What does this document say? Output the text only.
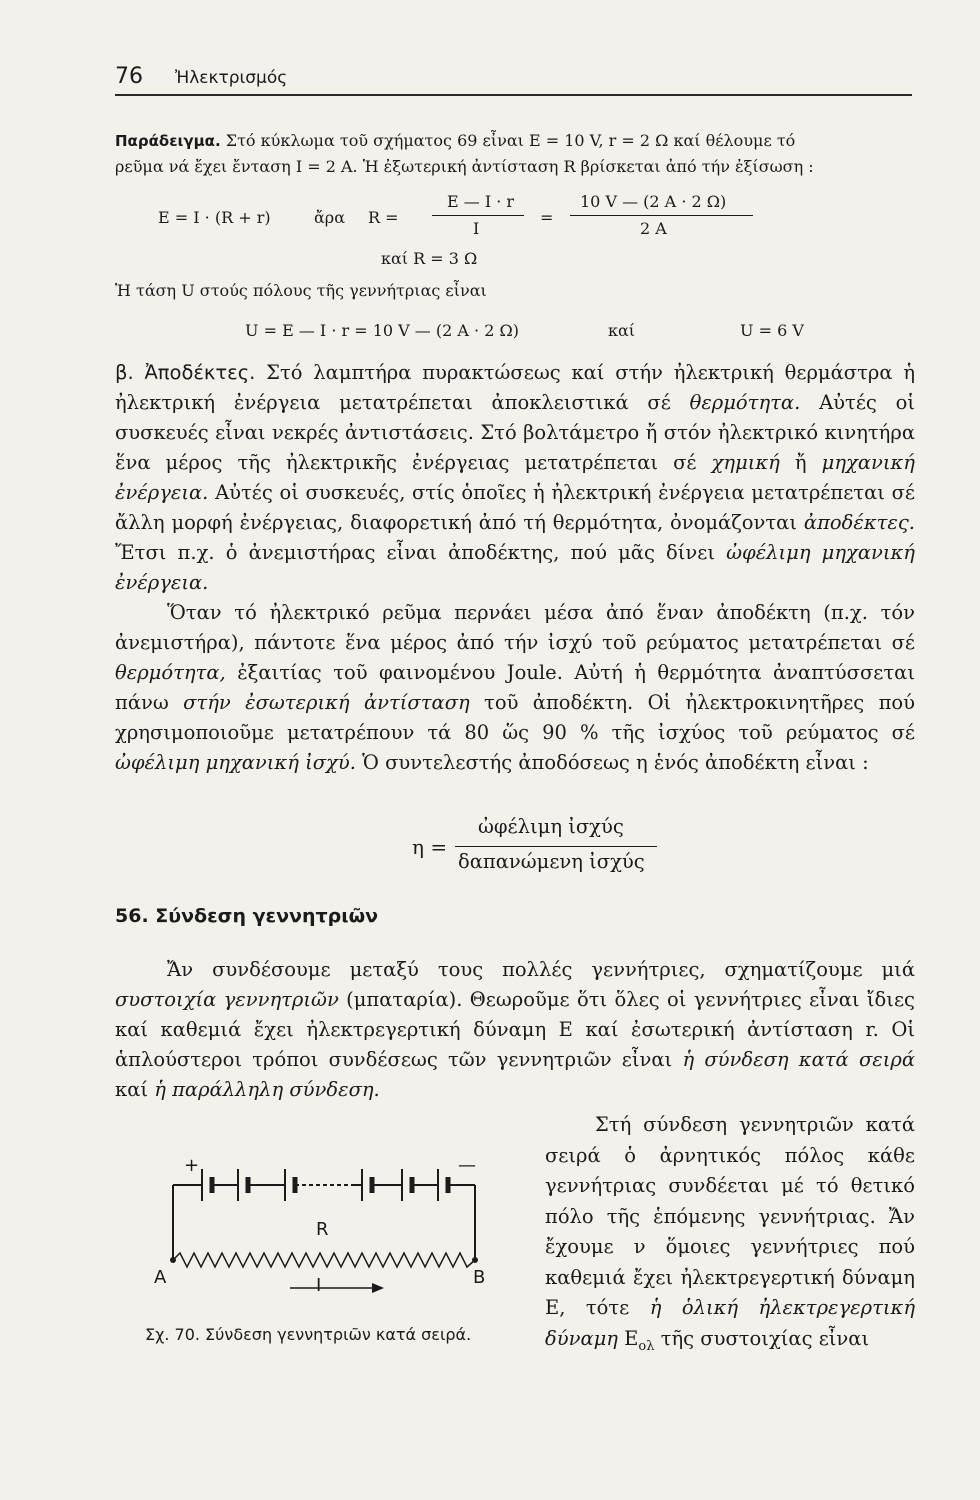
76 Ἠλεκτρισμός
Παράδειγμα. Στό κύκλωμα τοῦ σχήματος 69 εἶναι E = 10 V, r = 2 Ω καί θέλουμε τό
ρεῦμα νά ἔχει ἔνταση I = 2 A. Ἡ ἐξωτερική ἀντίσταση R βρίσκεται ἀπό τήν ἐξίσωση :
E = I · (R + r)	ἄρα R =
E — I · r
I
=
10 V — (2 A · 2 Ω)
2 A
καί R = 3 Ω
Ἡ τάση U στούς πόλους τῆς γεννήτριας εἶναι
U = E — I · r = 10 V — (2 A · 2 Ω)	καί	U = 6 V

β. Ἀποδέκτες. Στό λαμπτήρα πυρακτώσεως καί στήν ἠλεκτρική θερμάστρα ἡ ἠλεκτρική ἐνέργεια μετατρέπεται ἀποκλειστικά σέ θερμότητα. Αὐτές οἱ συσκευές εἶναι νεκρές ἀντιστάσεις. Στό βολτάμετρο ἤ στόν ἠλεκτρικό κινητήρα ἕνα μέρος τῆς ἠλεκτρικῆς ἐνέργειας μετατρέπεται σέ χημική ἤ μηχανική ἐνέργεια. Αὐτές οἱ συσκευές, στίς ὁποῖες ἡ ἠλεκτρική ἐνέργεια μετατρέπεται σέ ἄλλη μορφή ἐνέργειας, διαφορετική ἀπό τή θερμότητα, ὀνομάζονται ἀποδέκτες. Ἔτσι π.χ. ὁ ἀνεμιστήρας εἶναι ἀποδέκτης, πού μᾶς δίνει ὠφέλιμη μηχανική ἐνέργεια.

Ὅταν τό ἠλεκτρικό ρεῦμα περνάει μέσα ἀπό ἕναν ἀποδέκτη (π.χ. τόν ἀνεμιστήρα), πάντοτε ἕνα μέρος ἀπό τήν ἰσχύ τοῦ ρεύματος μετατρέπεται σέ θερμότητα, ἐξαιτίας τοῦ φαινομένου Joule. Αὐτή ἡ θερμότητα ἀναπτύσσεται πάνω στήν ἐσωτερική ἀντίσταση τοῦ ἀποδέκτη. Οἱ ἠλεκτροκινητῆρες πού χρησιμοποιοῦμε μετατρέπουν τά 80 ὥς 90 % τῆς ἰσχύος τοῦ ρεύματος σέ ὠφέλιμη μηχανική ἰσχύ. Ὁ συντελεστής ἀποδόσεως η ἑνός ἀποδέκτη εἶναι :

η =
ὠφέλιμη ἰσχύς
δαπανώμενη ἰσχύς
56. Σύνδεση γεννητριῶν

Ἄν συνδέσουμε μεταξύ τους πολλές γεννήτριες, σχηματίζουμε μιά συστοιχία γεννητριῶν (μπαταρία). Θεωροῦμε ὅτι ὅλες οἱ γεννήτριες εἶναι ἴδιες καί καθεμιά ἔχει ἠλεκτρεγερτική δύναμη E καί ἐσωτερική ἀντίσταση r. Οἱ ἁπλούστεροι τρόποι συνδέσεως τῶν γεννητριῶν εἶναι ἡ σύνδεση κατά σειρά καί ἡ παράλληλη σύνδεση.

Στή σύνδεση γεννητριῶν κατά σειρά ὁ ἀρνητικός πόλος κάθε γεννήτριας συνδέεται μέ τό θετικό πόλο τῆς ἑπόμενης γεννήτριας. Ἄν ἔχουμε ν ὅμοιες γεννήτριες πού καθεμιά ἔχει ἠλεκτρεγερτική δύναμη E, τότε ἡ ὁλική ἠλεκτρεγερτική δύναμη $E_{o\lambda}$ τῆς συστοιχίας εἶναι

+	—
R
A	B
I
Σχ. 70. Σύνδεση γεννητριῶν κατά σειρά.
